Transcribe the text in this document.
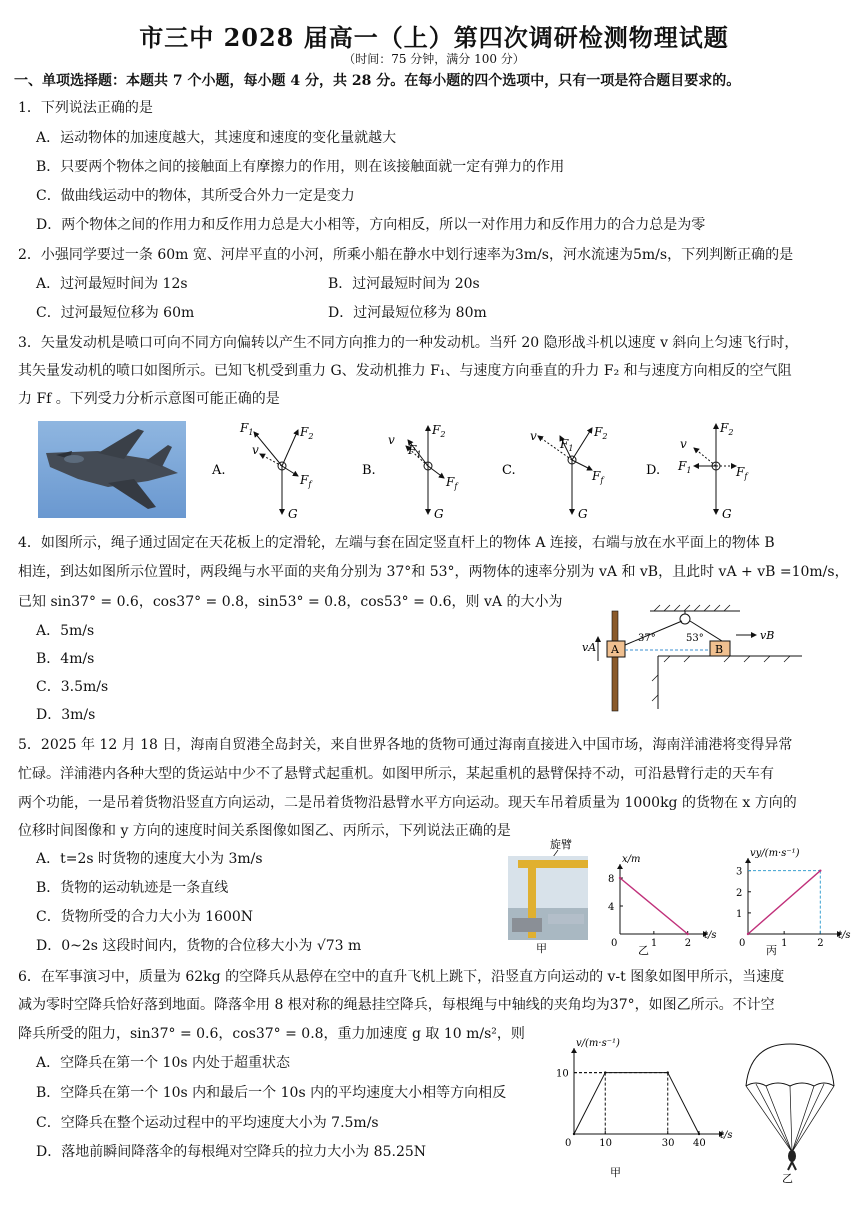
市三中 2028 届高一（上）第四次调研检测物理试题
（时间：75 分钟，满分 100 分）
一、单项选择题：本题共 7 个小题，每小题 4 分，共 28 分。在每小题的四个选项中，只有一项是符合题目要求的。
1．下列说法正确的是
A．运动物体的加速度越大，其速度和速度的变化量就越大
B．只要两个物体之间的接触面上有摩擦力的作用，则在该接触面就一定有弹力的作用
C．做曲线运动中的物体，其所受合外力一定是变力
D．两个物体之间的作用力和反作用力总是大小相等，方向相反，所以一对作用力和反作用力的合力总是为零
2．小强同学要过一条 60m 宽、河岸平直的小河，所乘小船在静水中划行速率为3m/s，河水流速为5m/s，下列判断正确的是
A．过河最短时间为 12s	B．过河最短时间为 20s
C．过河最短位移为 60m	D．过河最短位移为 80m
3．矢量发动机是喷口可向不同方向偏转以产生不同方向推力的一种发动机。当歼 20 隐形战斗机以速度 v 斜向上匀速飞行时，
其矢量发动机的喷口如图所示。已知飞机受到重力 G、发动机推力 F₁、与速度方向垂直的升力 F₂ 和与速度方向相反的空气阻
力 Ff 。下列受力分析示意图可能正确的是
A.
$F_1$	$F_2$
v
$F_f$
G
B.
$F_2$
v
$F_1$
$F_f$
G
C.
$F_2$
v
$F_1$
$F_f$
G
D.
$F_2$
v
$F_1$	$F_f$
G
4．如图所示，绳子通过固定在天花板上的定滑轮，左端与套在固定竖直杆上的物体 A 连接，右端与放在水平面上的物体 B
相连，到达如图所示位置时，两段绳与水平面的夹角分别为 37°和 53°，两物体的速率分别为 vA 和 vB，且此时 vA + vB =10m/s，
已知 sin37° = 0.6，cos37° = 0.8，sin53° = 0.8，cos53° = 0.6，则 vA 的大小为
A．5m/s
B．4m/s
C．3.5m/s
D．3m/s
A	B
37°	53°
vA
vB
5．2025 年 12 月 18 日，海南自贸港全岛封关，来自世界各地的货物可通过海南直接进入中国市场，海南洋浦港将变得异常
忙碌。洋浦港内各种大型的货运站中少不了悬臂式起重机。如图甲所示，某起重机的悬臂保持不动，可沿悬臂行走的天车有
两个功能，一是吊着货物沿竖直方向运动，二是吊着货物沿悬臂水平方向运动。现天车吊着质量为 1000kg 的货物在 x 方向的
位移时间图像和 y 方向的速度时间关系图像如图乙、丙所示，下列说法正确的是
A．t=2s 时货物的速度大小为 3m/s
B．货物的运动轨迹是一条直线
C．货物所受的合力大小为 1600N
D．0~2s 这段时间内，货物的合位移大小为 √73 m
旋臂
甲	0	1	2
4
8
t/s
x/m
乙
0	1	2
1
2
3
t/s
vy/(m·s⁻¹)
丙
6．在军事演习中，质量为 62kg 的空降兵从悬停在空中的直升飞机上跳下，沿竖直方向运动的 v-t 图象如图甲所示，当速度
减为零时空降兵恰好落到地面。降落伞用 8 根对称的绳悬挂空降兵，每根绳与中轴线的夹角均为37°，如图乙所示。不计空
降兵所受的阻力，sin37° = 0.6，cos37° = 0.8，重力加速度 g 取 10 m/s²，则
A．空降兵在第一个 10s 内处于超重状态
B．空降兵在第一个 10s 内和最后一个 10s 内的平均速度大小相等方向相反
C．空降兵在整个运动过程中的平均速度大小为 7.5m/s
D．落地前瞬间降落伞的每根绳对空降兵的拉力大小为 85.25N
0	10	30 40
10
t/s
v/(m·s⁻¹)
甲	乙
